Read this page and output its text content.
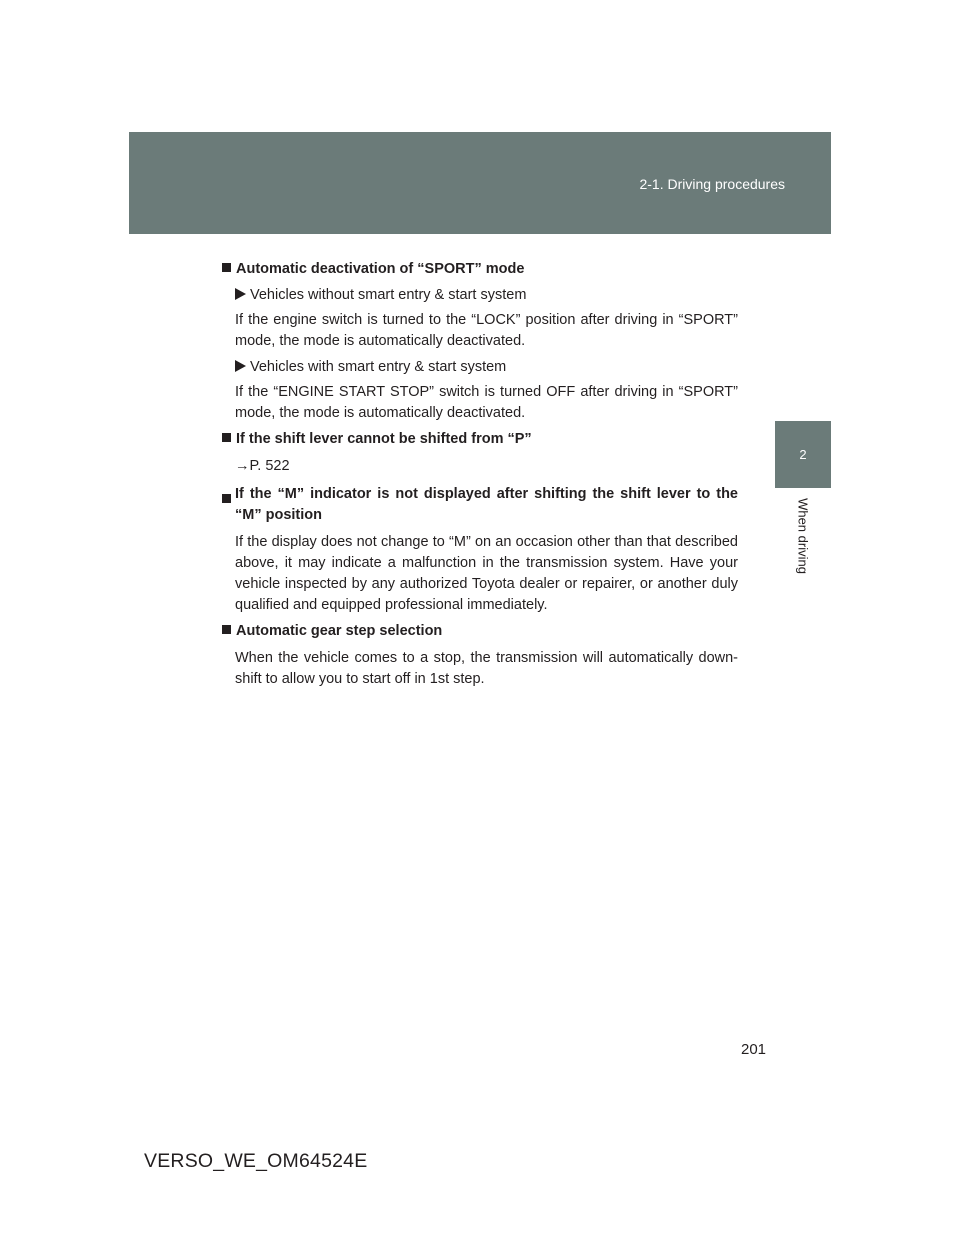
2-1. Driving procedures
2
When driving

Automatic deactivation of “SPORT” mode

Vehicles without smart entry & start system

If the engine switch is turned to the “LOCK” position after driving in “SPORT” mode, the mode is automatically deactivated.

Vehicles with smart entry & start system

If the “ENGINE START STOP” switch is turned OFF after driving in “SPORT” mode, the mode is automatically deactivated.

If the shift lever cannot be shifted from “P”

→P. 522

If the “M” indicator is not displayed after shifting the shift lever to the “M” position

If the display does not change to “M” on an occasion other than that described above, it may indicate a malfunction in the transmission system. Have your vehicle inspected by any authorized Toyota dealer or repairer, or another duly qualified and equipped professional immediately.

Automatic gear step selection

When the vehicle comes to a stop, the transmission will automatically down-shift to allow you to start off in 1st step.

201
VERSO_WE_OM64524E
